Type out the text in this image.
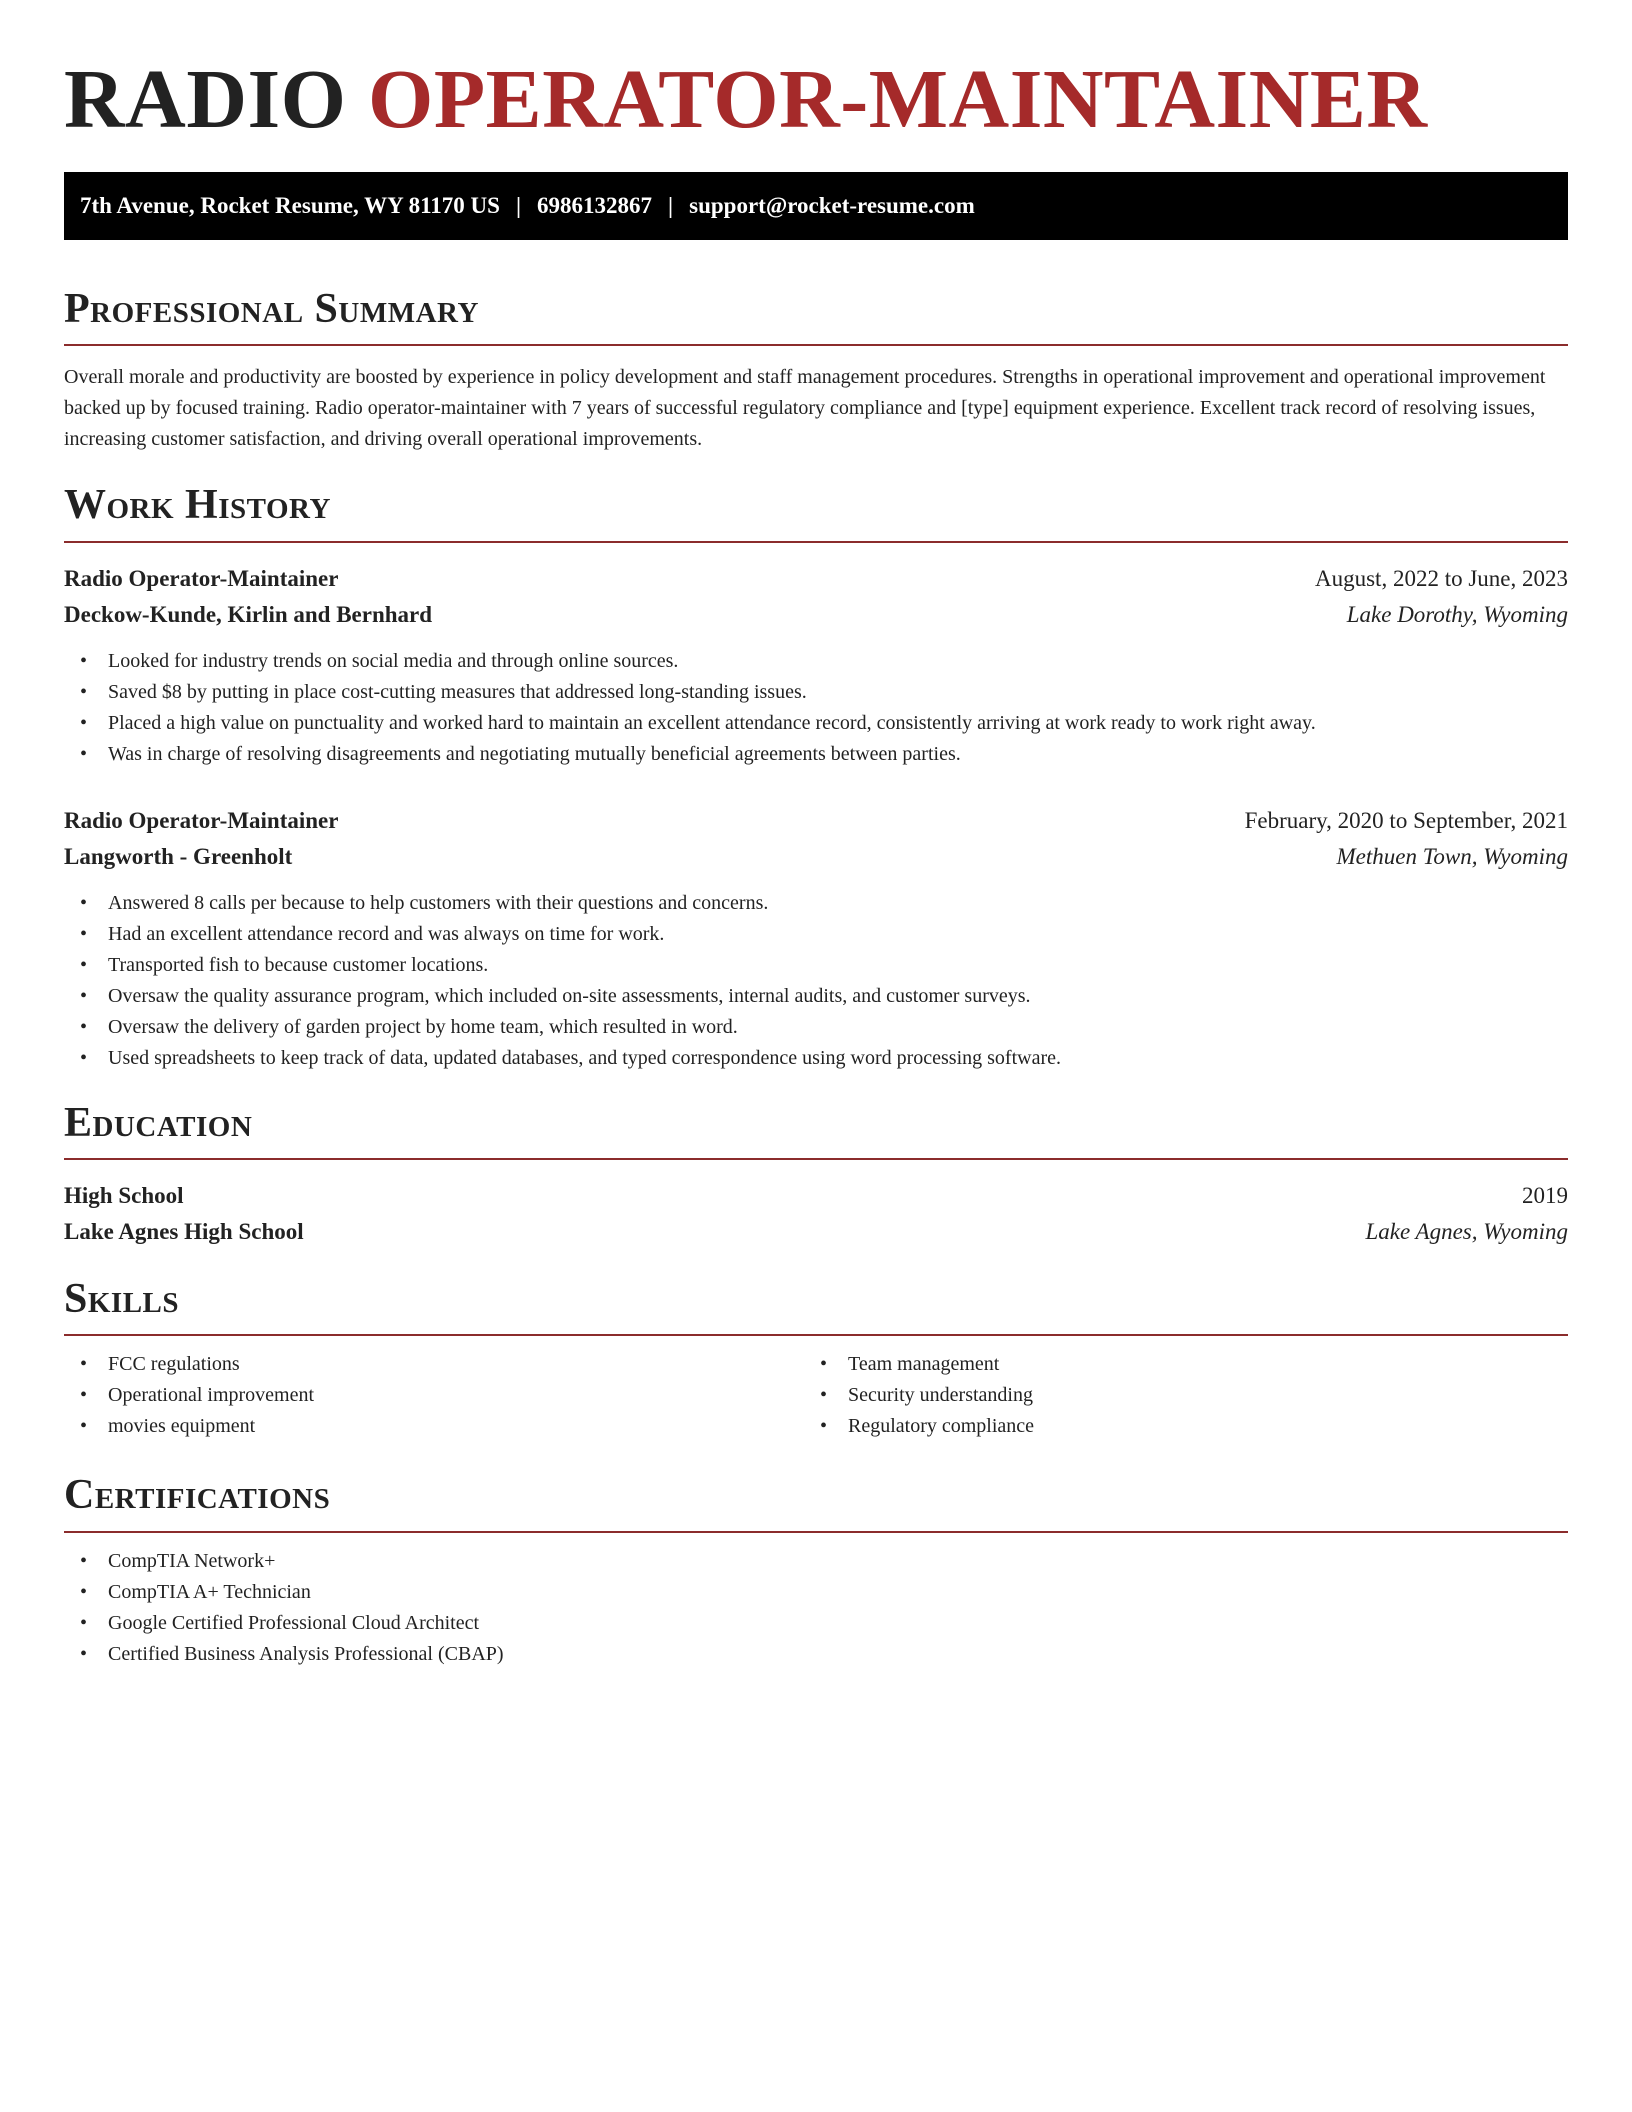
RADIO OPERATOR-MAINTAINER
7th Avenue, Rocket Resume, WY 81170 US | 6986132867 | support@rocket-resume.com
Professional Summary

Overall morale and productivity are boosted by experience in policy development and staff management procedures. Strengths in operational improvement and operational improvement backed up by focused training. Radio operator-maintainer with 7 years of successful regulatory compliance and [type] equipment experience. Excellent track record of resolving issues, increasing customer satisfaction, and driving overall operational improvements.

Work History
Radio Operator-Maintainer	August, 2022 to June, 2023
Deckow-Kunde, Kirlin and Bernhard	Lake Dorothy, Wyoming
• Looked for industry trends on social media and through online sources.
• Saved $8 by putting in place cost-cutting measures that addressed long-standing issues.
• Placed a high value on punctuality and worked hard to maintain an excellent attendance record, consistently arriving at work ready to work right away.
• Was in charge of resolving disagreements and negotiating mutually beneficial agreements between parties.
Radio Operator-Maintainer	February, 2020 to September, 2021
Langworth - Greenholt	Methuen Town, Wyoming
• Answered 8 calls per because to help customers with their questions and concerns.
• Had an excellent attendance record and was always on time for work.
• Transported fish to because customer locations.
• Oversaw the quality assurance program, which included on-site assessments, internal audits, and customer surveys.
• Oversaw the delivery of garden project by home team, which resulted in word.
• Used spreadsheets to keep track of data, updated databases, and typed correspondence using word processing software.
Education
High School	2019
Lake Agnes High School	Lake Agnes, Wyoming
Skills
• FCC regulations
• Operational improvement
• movies equipment
• Team management
• Security understanding
• Regulatory compliance
Certifications
• CompTIA Network+
• CompTIA A+ Technician
• Google Certified Professional Cloud Architect
• Certified Business Analysis Professional (CBAP)
